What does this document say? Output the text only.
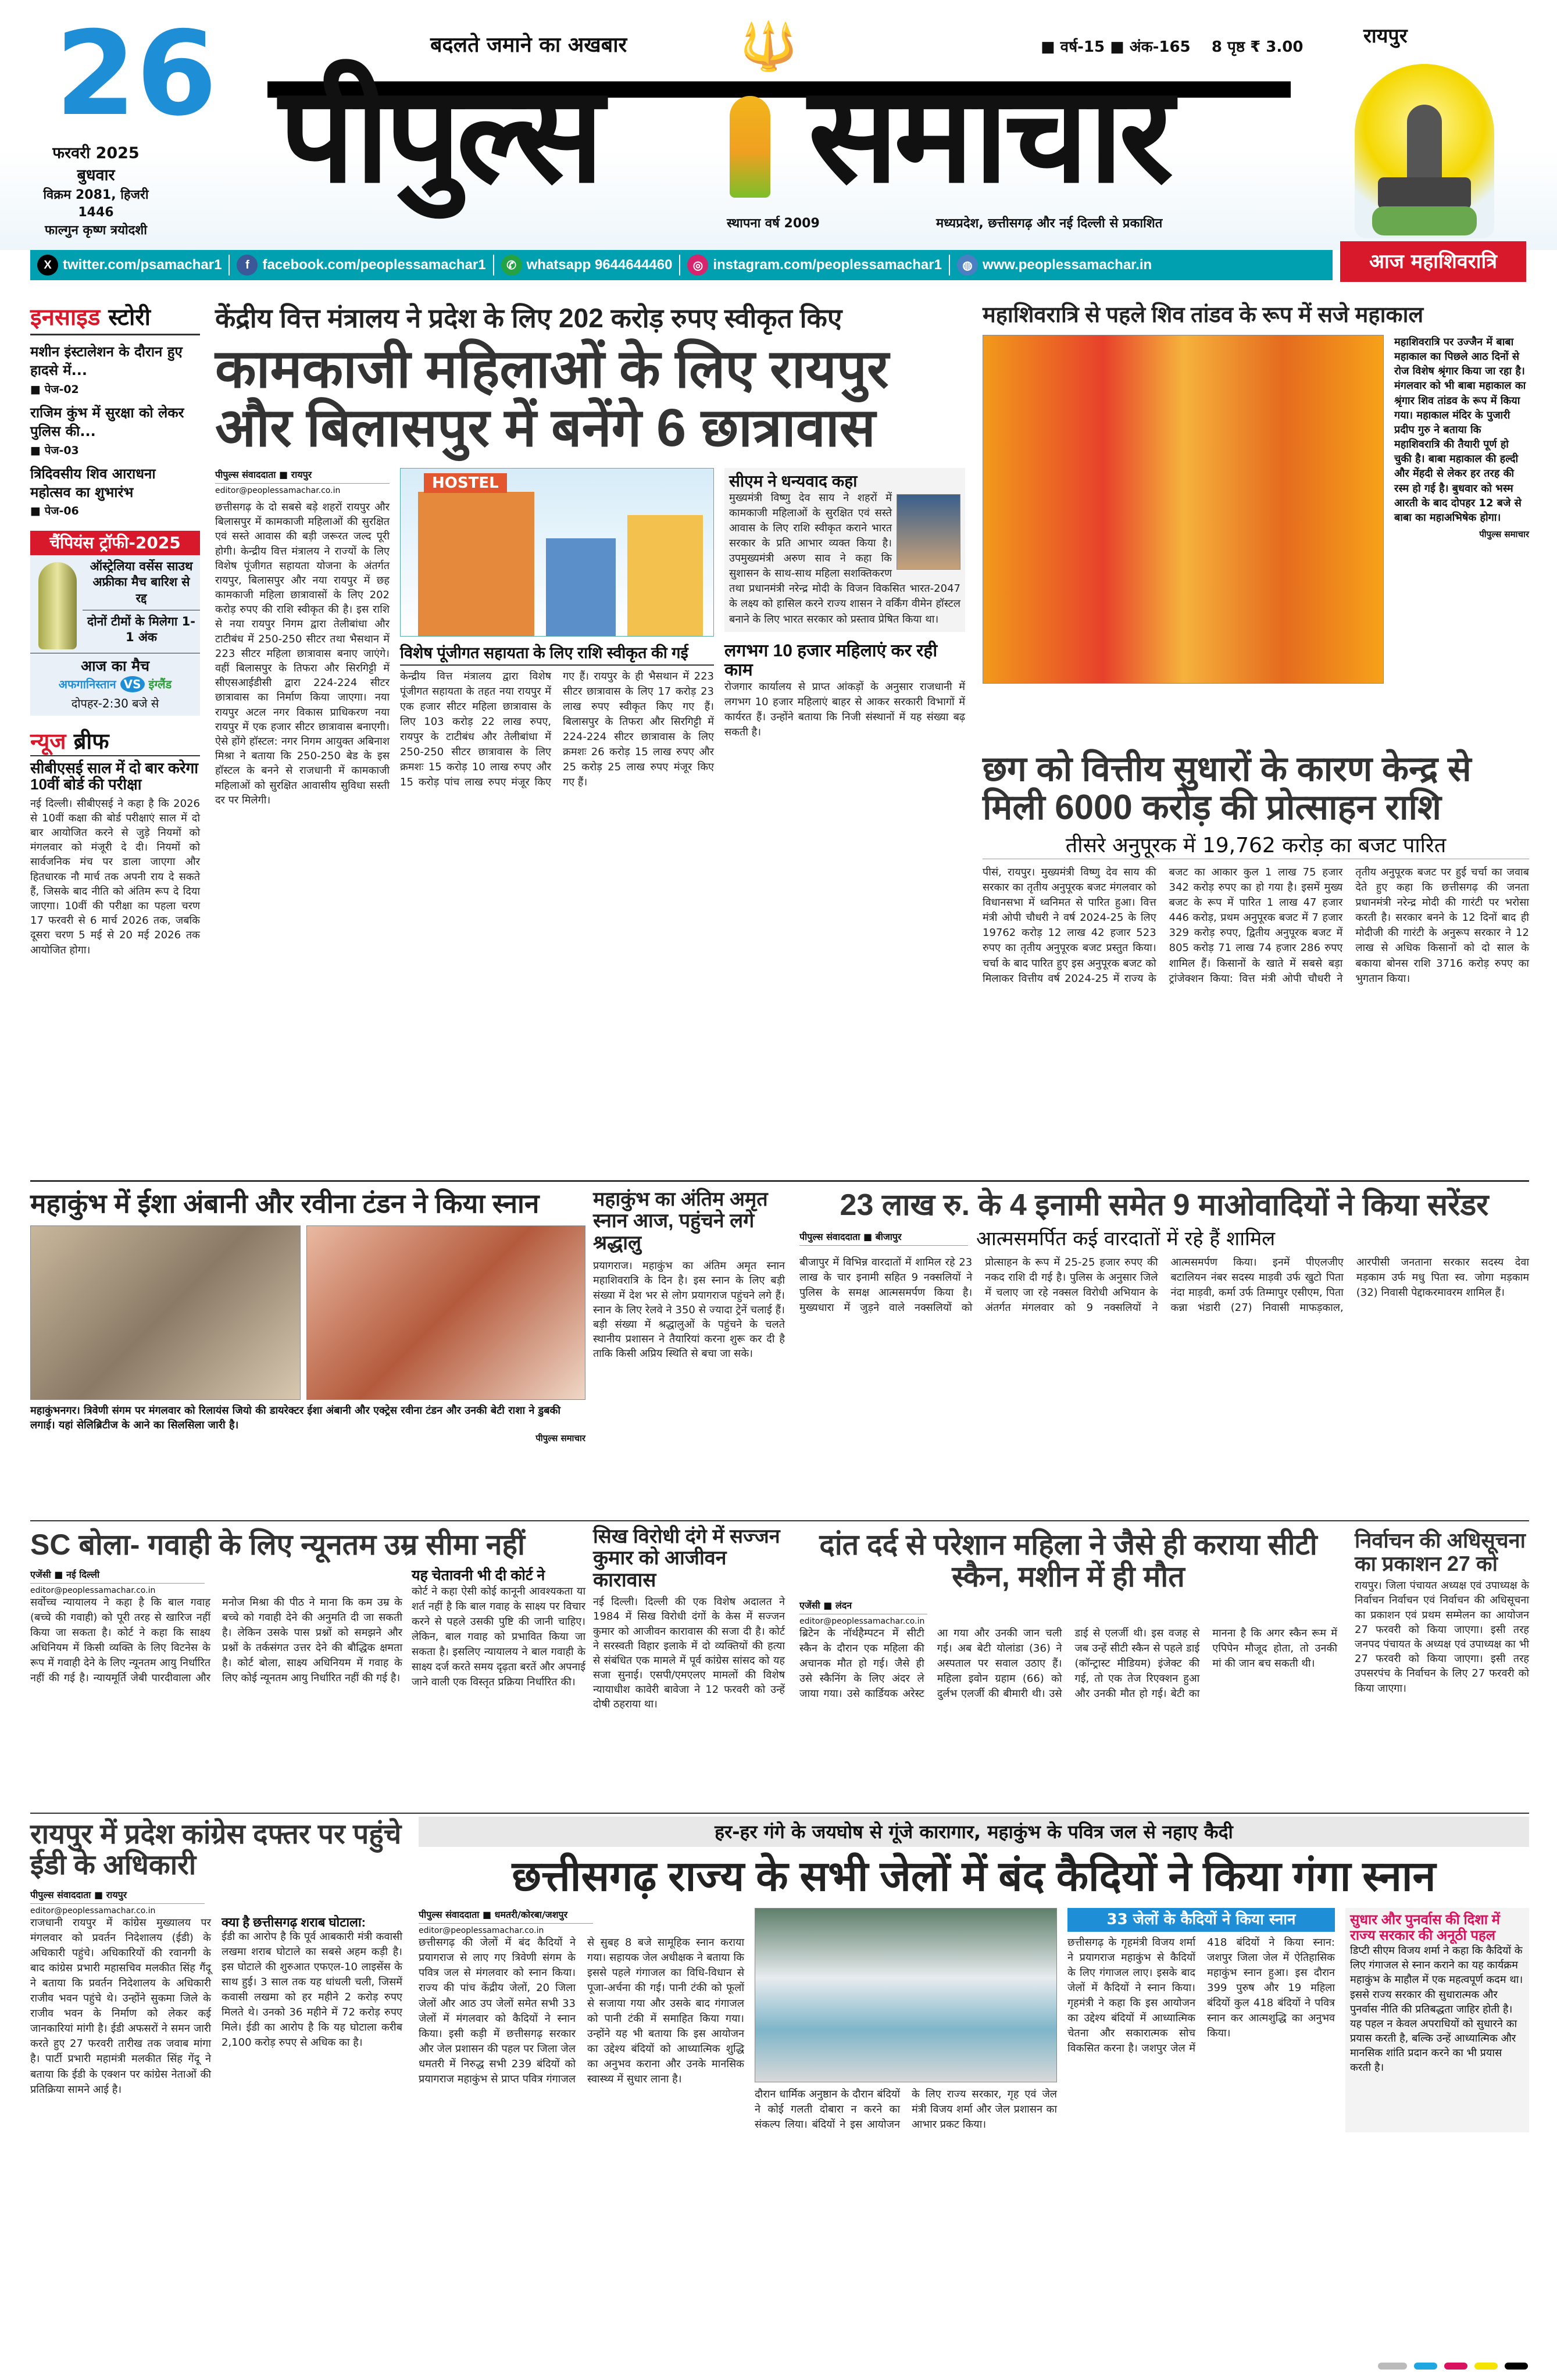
26
फरवरी 2025
बुधवार
विक्रम 2081, हिजरी 1446
फाल्गुन कृष्ण त्रयोदशी
बदलते जमाने का अखबार
पीपुल्स
🔱
समाचार
■ वर्ष-15 ■ अंक-165    8 पृष्ठ ₹ 3.00
स्थापना वर्ष 2009	मध्यप्रदेश, छत्तीसगढ़ और नई दिल्ली से प्रकाशित
रायपुर
X twitter.com/psamachar1	f facebook.com/peoplessamachar1	✆ whatsapp 9644644460	◎ instagram.com/peoplessamachar1	◍ www.peoplessamachar.in	आज महाशिवरात्रि
इनसाइड स्टोरी
मशीन इंस्टालेशन के दौरान हुए हादसे में...
■ पेज-02
राजिम कुंभ में सुरक्षा को लेकर पुलिस की...
■ पेज-03
त्रिदिवसीय शिव आराधना महोत्सव का शुभारंभ
■ पेज-06
चैंपियंस ट्रॉफी-2025
ऑस्ट्रेलिया वर्सेस साउथ अफ्रीका मैच बारिश से रद्द
दोनों टीमों के मिलेगा 1-1 अंक
आज का मैच
अफगानिस्तान VS इंग्लैंड
दोपहर-2:30 बजे से
न्यूज ब्रीफ
सीबीएसई साल में दो बार करेगा 10वीं बोर्ड की परीक्षा
नई दिल्ली। सीबीएसई ने कहा है कि 2026 से 10वीं कक्षा की बोर्ड परीक्षाएं साल में दो बार आयोजित करने से जुड़े नियमों को मंगलवार को मंजूरी दे दी। नियमों को सार्वजनिक मंच पर डाला जाएगा और हितधारक नौ मार्च तक अपनी राय दे सकते हैं, जिसके बाद नीति को अंतिम रूप दे दिया जाएगा। 10वीं की परीक्षा का पहला चरण 17 फरवरी से 6 मार्च 2026 तक, जबकि दूसरा चरण 5 मई से 20 मई 2026 तक आयोजित होगा।
केंद्रीय वित्त मंत्रालय ने प्रदेश के लिए 202 करोड़ रुपए स्वीकृत किए
कामकाजी महिलाओं के लिए रायपुर और बिलासपुर में बनेंगे 6 छात्रावास
पीपुल्स संवाददाता ■ रायपुर
editor@peoplessamachar.co.in
छत्तीसगढ़ के दो सबसे बड़े शहरों रायपुर और बिलासपुर में कामकाजी महिलाओं की सुरक्षित एवं सस्ते आवास की बड़ी जरूरत जल्द पूरी होगी। केन्द्रीय वित्त मंत्रालय ने राज्यों के लिए विशेष पूंजीगत सहायता योजना के अंतर्गत रायपुर, बिलासपुर और नया रायपुर में छह कामकाजी महिला छात्रावासों के लिए 202 करोड़ रुपए की राशि स्वीकृत की है। इस राशि से नया रायपुर निगम द्वारा तेलीबांधा और टाटीबंध में 250-250 सीटर तथा भैसथान में 223 सीटर महिला छात्रावास बनाए जाएंगे। वहीं बिलासपुर के तिफरा और सिरगिट्टी में सीएसआईडीसी द्वारा 224-224 सीटर छात्रावास का निर्माण किया जाएगा। नया रायपुर अटल नगर विकास प्राधिकरण नया रायपुर में एक हजार सीटर छात्रावास बनाएगी। ऐसे होंगे हॉस्टल: नगर निगम आयुक्त अबिनाश मिश्रा ने बताया कि 250-250 बेड के इस हॉस्टल के बनने से राजधानी में कामकाजी महिलाओं को सुरक्षित आवासीय सुविधा सस्ती दर पर मिलेगी।
HOSTEL
विशेष पूंजीगत सहायता के लिए राशि स्वीकृत की गई
केन्द्रीय वित्त मंत्रालय द्वारा विशेष पूंजीगत सहायता के तहत नया रायपुर में एक हजार सीटर महिला छात्रावास के लिए 103 करोड़ 22 लाख रुपए, रायपुर के टाटीबंध और तेलीबांधा में 250-250 सीटर छात्रावास के लिए क्रमशः 15 करोड़ 10 लाख रुपए और 15 करोड़ पांच लाख रुपए मंजूर किए गए हैं। रायपुर के ही भैसथान में 223 सीटर छात्रावास के लिए 17 करोड़ 23 लाख रुपए स्वीकृत किए गए हैं। बिलासपुर के तिफरा और सिरगिट्टी में 224-224 सीटर छात्रावास के लिए क्रमशः 26 करोड़ 15 लाख रुपए और 25 करोड़ 25 लाख रुपए मंजूर किए गए हैं।
सीएम ने धन्यवाद कहा
मुख्यमंत्री विष्णु देव साय ने शहरों में कामकाजी महिलाओं के सुरक्षित एवं सस्ते आवास के लिए राशि स्वीकृत कराने भारत सरकार के प्रति आभार व्यक्त किया है। उपमुख्यमंत्री अरुण साव ने कहा कि सुशासन के साथ-साथ महिला सशक्तिकरण तथा प्रधानमंत्री नरेन्द्र मोदी के विजन विकसित भारत-2047 के लक्ष्य को हासिल करने राज्य शासन ने वर्किंग वीमेन हॉस्टल बनाने के लिए भारत सरकार को प्रस्ताव प्रेषित किया था।
लगभग 10 हजार महिलाएं कर रही काम
रोजगार कार्यालय से प्राप्त आंकड़ों के अनुसार राजधानी में लगभग 10 हजार महिलाएं बाहर से आकर सरकारी विभागों में कार्यरत हैं। उन्होंने बताया कि निजी संस्थानों में यह संख्या बढ़ सकती है।
महाशिवरात्रि से पहले शिव तांडव के रूप में सजे महाकाल
महाशिवरात्रि पर उज्जैन में बाबा महाकाल का पिछले आठ दिनों से रोज विशेष श्रृंगार किया जा रहा है। मंगलवार को भी बाबा महाकाल का श्रृंगार शिव तांडव के रूप में किया गया। महाकाल मंदिर के पुजारी प्रदीप गुरु ने बताया कि महाशिवरात्रि की तैयारी पूर्ण हो चुकी है। बाबा महाकाल की हल्दी और मेंहदी से लेकर हर तरह की रस्म हो गई है। बुधवार को भस्म आरती के बाद दोपहर 12 बजे से बाबा का महाअभिषेक होगा।
पीपुल्स समाचार
छग को वित्तीय सुधारों के कारण केन्द्र से मिली 6000 करोड़ की प्रोत्साहन राशि
तीसरे अनुपूरक में 19,762 करोड़ का बजट पारित
पीसं, रायपुर। मुख्यमंत्री विष्णु देव साय की सरकार का तृतीय अनुपूरक बजट मंगलवार को विधानसभा में ध्वनिमत से पारित हुआ। वित्त मंत्री ओपी चौधरी ने वर्ष 2024-25 के लिए 19762 करोड़ 12 लाख 42 हजार 523 रुपए का तृतीय अनुपूरक बजट प्रस्तुत किया। चर्चा के बाद पारित हुए इस अनुपूरक बजट को मिलाकर वित्तीय वर्ष 2024-25 में राज्य के बजट का आकार कुल 1 लाख 75 हजार 342 करोड़ रुपए का हो गया है। इसमें मुख्य बजट के रूप में पारित 1 लाख 47 हजार 446 करोड़, प्रथम अनुपूरक बजट में 7 हजार 329 करोड़ रुपए, द्वितीय अनुपूरक बजट में 805 करोड़ 71 लाख 74 हजार 286 रुपए शामिल हैं। किसानों के खाते में सबसे बड़ा ट्रांजेक्शन किया: वित्त मंत्री ओपी चौधरी ने तृतीय अनुपूरक बजट पर हुई चर्चा का जवाब देते हुए कहा कि छत्तीसगढ़ की जनता प्रधानमंत्री नरेन्द्र मोदी की गारंटी पर भरोसा करती है। सरकार बनने के 12 दिनों बाद ही मोदीजी की गारंटी के अनुरूप सरकार ने 12 लाख से अधिक किसानों को दो साल के बकाया बोनस राशि 3716 करोड़ रुपए का भुगतान किया।
महाकुंभ में ईशा अंबानी और रवीना टंडन ने किया स्नान
महाकुंभनगर। त्रिवेणी संगम पर मंगलवार को रिलायंस जियो की डायरेक्टर ईशा अंबानी और एक्ट्रेस रवीना टंडन और उनकी बेटी राशा ने डुबकी लगाई। यहां सेलिब्रिटीज के आने का सिलसिला जारी है।
पीपुल्स समाचार
महाकुंभ का अंतिम अमृत स्नान आज, पहुंचने लगे श्रद्धालु
प्रयागराज। महाकुंभ का अंतिम अमृत स्नान महाशिवरात्रि के दिन है। इस स्नान के लिए बड़ी संख्या में देश भर से लोग प्रयागराज पहुंचने लगे हैं। स्नान के लिए रेलवे ने 350 से ज्यादा ट्रेनें चलाई हैं। बड़ी संख्या में श्रद्धालुओं के पहुंचने के चलते स्थानीय प्रशासन ने तैयारियां करना शुरू कर दी है ताकि किसी अप्रिय स्थिति से बचा जा सके।
23 लाख रु. के 4 इनामी समेत 9 माओवादियों ने किया सरेंडर
पीपुल्स संवाददाता ■ बीजापुर	आत्मसमर्पित कई वारदातों में रहे हैं शामिल
बीजापुर में विभिन्न वारदातों में शामिल रहे 23 लाख के चार इनामी सहित 9 नक्सलियों ने पुलिस के समक्ष आत्मसमर्पण किया है। मुख्यधारा में जुड़ने वाले नक्सलियों को प्रोत्साहन के रूप में 25-25 हजार रुपए की नकद राशि दी गई है। पुलिस के अनुसार जिले में चलाए जा रहे नक्सल विरोधी अभियान के अंतर्गत मंगलवार को 9 नक्सलियों ने आत्मसमर्पण किया। इनमें पीएलजीए बटालियन नंबर सदस्य माड़वी उर्फ खुटो पिता नंदा माड़वी, कर्मा उर्फ तिम्मापुर एसीएम, पिता कन्ना भंडारी (27) निवासी माफड़काल, आरपीसी जनताना सरकार सदस्य देवा मड़काम उर्फ मधु पिता स्व. जोगा मड़काम (32) निवासी पेद्दाकरमावरम शामिल हैं।
SC बोला- गवाही के लिए न्यूनतम उम्र सीमा नहीं
एजेंसी ■ नई दिल्ली
editor@peoplessamachar.co.in
सर्वोच्च न्यायालय ने कहा है कि बाल गवाह (बच्चे की गवाही) को पूरी तरह से खारिज नहीं किया जा सकता है। कोर्ट ने कहा कि साक्ष्य अधिनियम में किसी व्यक्ति के लिए विटनेस के रूप में गवाही देने के लिए न्यूनतम आयु निर्धारित नहीं की गई है। न्यायमूर्ति जेबी पारदीवाला और मनोज मिश्रा की पीठ ने माना कि कम उम्र के बच्चे को गवाही देने की अनुमति दी जा सकती है। लेकिन उसके पास प्रश्नों को समझने और प्रश्नों के तर्कसंगत उत्तर देने की बौद्धिक क्षमता है। कोर्ट बोला, साक्ष्य अधिनियम में गवाह के लिए कोई न्यूनतम आयु निर्धारित नहीं की गई है।
यह चेतावनी भी दी कोर्ट ने
कोर्ट ने कहा ऐसी कोई कानूनी आवश्यकता या शर्त नहीं है कि बाल गवाह के साक्ष्य पर विचार करने से पहले उसकी पुष्टि की जानी चाहिए। लेकिन, बाल गवाह को प्रभावित किया जा सकता है। इसलिए न्यायालय ने बाल गवाही के साक्ष्य दर्ज करते समय दृढ़ता बरतें और अपनाई जाने वाली एक विस्तृत प्रक्रिया निर्धारित की।
सिख विरोधी दंगे में सज्जन कुमार को आजीवन कारावास
नई दिल्ली। दिल्ली की एक विशेष अदालत ने 1984 में सिख विरोधी दंगों के केस में सज्जन कुमार को आजीवन कारावास की सजा दी है। कोर्ट ने सरस्वती विहार इलाके में दो व्यक्तियों की हत्या से संबंधित एक मामले में पूर्व कांग्रेस सांसद को यह सजा सुनाई। एसपी/एमएलए मामलों की विशेष न्यायाधीश कावेरी बावेजा ने 12 फरवरी को उन्हें दोषी ठहराया था।
दांत दर्द से परेशान महिला ने जैसे ही कराया सीटी स्कैन, मशीन में ही मौत
एजेंसी ■ लंदन
editor@peoplessamachar.co.in
ब्रिटेन के नॉर्थहैम्पटन में सीटी स्कैन के दौरान एक महिला की अचानक मौत हो गई। जैसे ही उसे स्कैनिंग के लिए अंदर ले जाया गया। उसे कार्डियक अरेस्ट आ गया और उनकी जान चली गई। अब बेटी योलांडा (36) ने अस्पताल पर सवाल उठाए हैं। महिला इवोन ग्रहाम (66) को दुर्लभ एलर्जी की बीमारी थी। उसे डाई से एलर्जी थी। इस वजह से जब उन्हें सीटी स्कैन से पहले डाई (कॉन्ट्रास्ट मीडियम) इंजेक्ट की गई, तो एक तेज रिएक्शन हुआ और उनकी मौत हो गई। बेटी का मानना है कि अगर स्कैन रूम में एपिपेन मौजूद होता, तो उनकी मां की जान बच सकती थी।
निर्वाचन की अधिसूचना का प्रकाशन 27 को
रायपुर। जिला पंचायत अध्यक्ष एवं उपाध्यक्ष के निर्वाचन निर्वाचन एवं निर्वाचन की अधिसूचना का प्रकाशन एवं प्रथम सम्मेलन का आयोजन 27 फरवरी को किया जाएगा। इसी तरह जनपद पंचायत के अध्यक्ष एवं उपाध्यक्ष का भी 27 फरवरी को किया जाएगा। इसी तरह उपसरपंच के निर्वाचन के लिए 27 फरवरी को किया जाएगा।
रायपुर में प्रदेश कांग्रेस दफ्तर पर पहुंचे ईडी के अधिकारी
पीपुल्स संवाददाता ■ रायपुर
editor@peoplessamachar.co.in
राजधानी रायपुर में कांग्रेस मुख्यालय पर मंगलवार को प्रवर्तन निदेशालय (ईडी) के अधिकारी पहुंचे। अधिकारियों की रवानगी के बाद कांग्रेस प्रभारी महासचिव मलकीत सिंह गैंदू ने बताया कि प्रवर्तन निदेशालय के अधिकारी राजीव भवन पहुंचे थे। उन्होंने सुकमा जिले के राजीव भवन के निर्माण को लेकर कई जानकारियां मांगी है। ईडी अफसरों ने समन जारी करते हुए 27 फरवरी तारीख तक जवाब मांगा है। पार्टी प्रभारी महामंत्री मलकीत सिंह गेंदू ने बताया कि ईडी के एक्शन पर कांग्रेस नेताओं की प्रतिक्रिया सामने आई है।
क्या है छत्तीसगढ़ शराब घोटाला:
ईडी का आरोप है कि पूर्व आबकारी मंत्री कवासी लखमा शराब घोटाले का सबसे अहम कड़ी है। इस घोटाले की शुरुआत एफएल-10 लाइसेंस के साथ हुई। 3 साल तक यह धांधली चली, जिसमें कवासी लखमा को हर महीने 2 करोड़ रुपए मिलते थे। उनको 36 महीने में 72 करोड़ रुपए मिले। ईडी का आरोप है कि यह घोटाला करीब 2,100 करोड़ रुपए से अधिक का है।
हर-हर गंगे के जयघोष से गूंजे कारागार, महाकुंभ के पवित्र जल से नहाए कैदी
छत्तीसगढ़ राज्य के सभी जेलों में बंद कैदियों ने किया गंगा स्नान
पीपुल्स संवाददाता ■ धमतरी/कोरबा/जशपुर
editor@peoplessamachar.co.in
छत्तीसगढ़ की जेलों में बंद कैदियों ने प्रयागराज से लाए गए त्रिवेणी संगम के पवित्र जल से मंगलवार को स्नान किया। राज्य की पांच केंद्रीय जेलों, 20 जिला जेलों और आठ उप जेलों समेत सभी 33 जेलों में मंगलवार को कैदियों ने स्नान किया। इसी कड़ी में छत्तीसगढ़ सरकार और जेल प्रशासन की पहल पर जिला जेल धमतरी में निरुद्ध सभी 239 बंदियों को प्रयागराज महाकुंभ से प्राप्त पवित्र गंगाजल से सुबह 8 बजे सामूहिक स्नान कराया गया। सहायक जेल अधीक्षक ने बताया कि इससे पहले गंगाजल का विधि-विधान से पूजा-अर्चना की गई। पानी टंकी को फूलों से सजाया गया और उसके बाद गंगाजल को पानी टंकी में समाहित किया गया। उन्होंने यह भी बताया कि इस आयोजन का उद्देश्य बंदियों को आध्यात्मिक शुद्धि का अनुभव कराना और उनके मानसिक स्वास्थ्य में सुधार लाना है।
दौरान धार्मिक अनुष्ठान के दौरान बंदियों ने कोई गलती दोबारा न करने का संकल्प लिया। बंदियों ने इस आयोजन के लिए राज्य सरकार, गृह एवं जेल मंत्री विजय शर्मा और जेल प्रशासन का आभार प्रकट किया।
33 जेलों के कैदियों ने किया स्नान
छत्तीसगढ़ के गृहमंत्री विजय शर्मा ने प्रयागराज महाकुंभ से कैदियों के लिए गंगाजल लाए। इसके बाद जेलों में कैदियों ने स्नान किया। गृहमंत्री ने कहा कि इस आयोजन का उद्देश्य बंदियों में आध्यात्मिक चेतना और सकारात्मक सोच विकसित करना है। जशपुर जेल में 418 बंदियों ने किया स्नान: जशपुर जिला जेल में ऐतिहासिक महाकुंभ स्नान हुआ। इस दौरान 399 पुरुष और 19 महिला बंदियों कुल 418 बंदियों ने पवित्र स्नान कर आत्मशुद्धि का अनुभव किया।
सुधार और पुनर्वास की दिशा में राज्य सरकार की अनूठी पहल
डिप्टी सीएम विजय शर्मा ने कहा कि कैदियों के लिए गंगाजल से स्नान कराने का यह कार्यक्रम महाकुंभ के माहौल में एक महत्वपूर्ण कदम था। इससे राज्य सरकार की सुधारात्मक और पुनर्वास नीति की प्रतिबद्धता जाहिर होती है। यह पहल न केवल अपराधियों को सुधारने का प्रयास करती है, बल्कि उन्हें आध्यात्मिक और मानसिक शांति प्रदान करने का भी प्रयास करती है।
